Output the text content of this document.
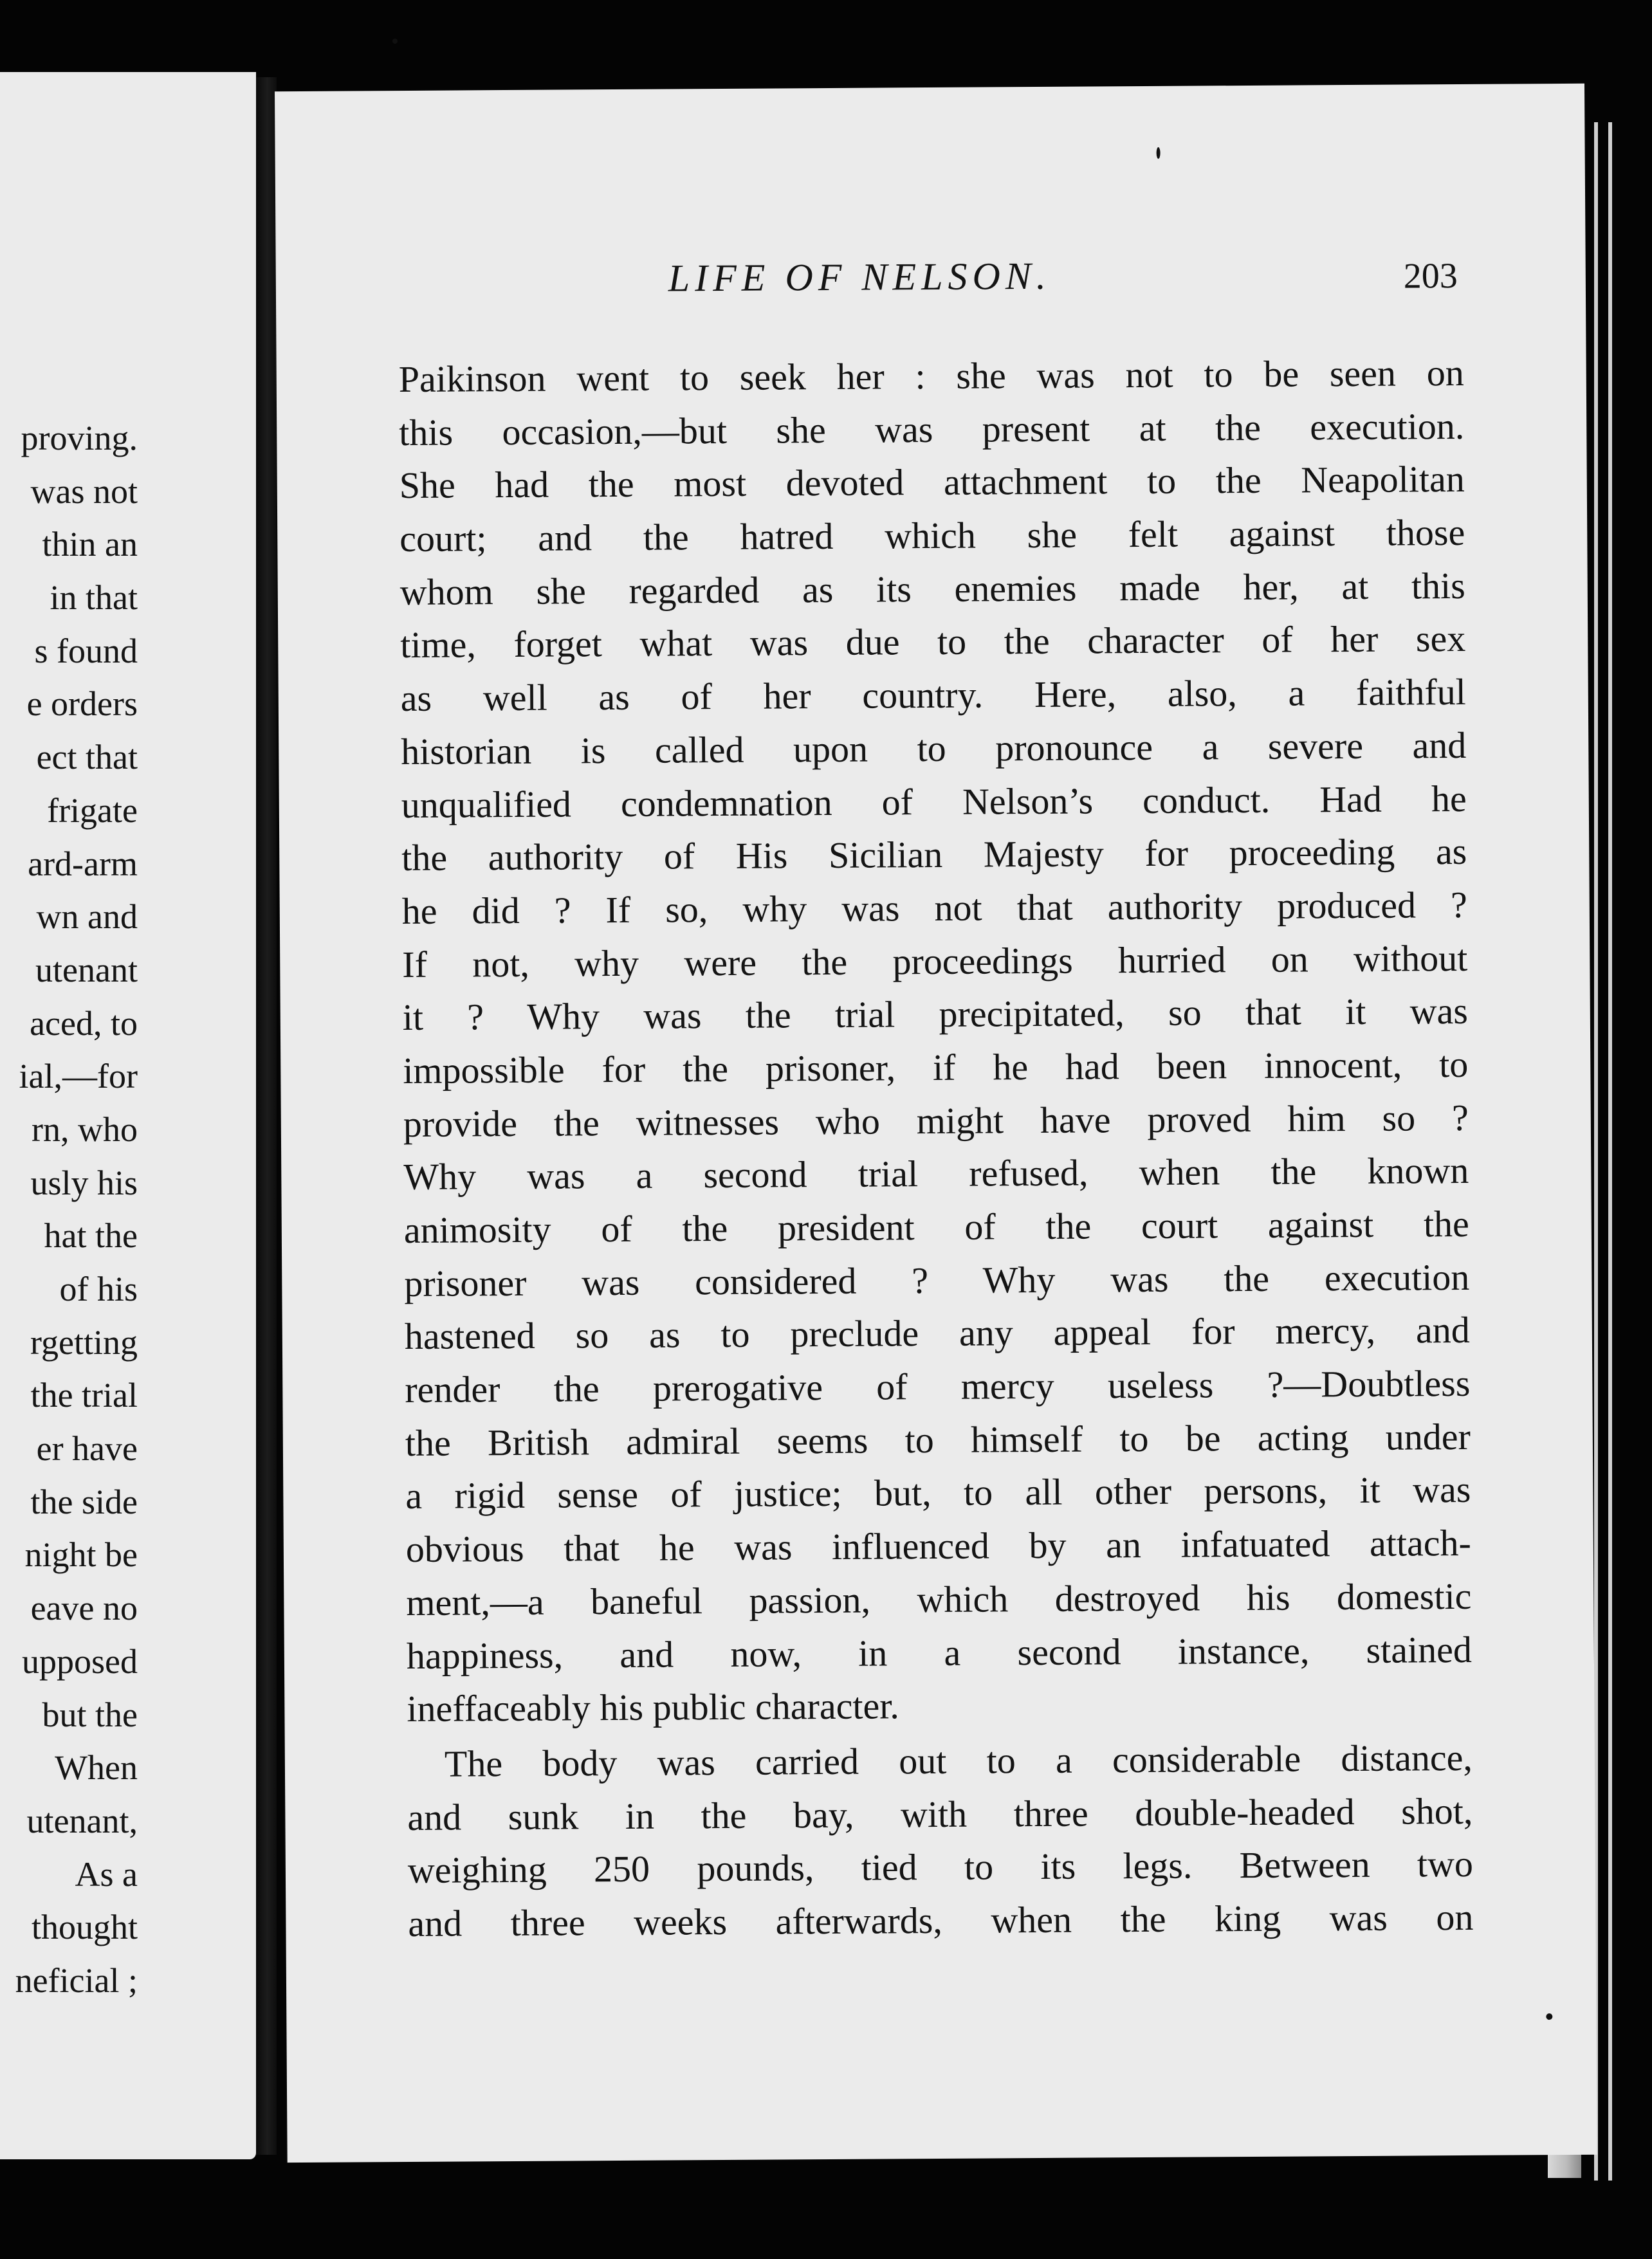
proving.
was not
thin an
in that
s found
e orders
ect that
frigate
ard-arm
wn and
utenant
aced, to
ial,—for
rn, who
usly his
hat the
of his
rgetting
the trial
er have
the side
night be
eave no
upposed
but the
When
utenant,
As a
thought
neficial ;
LIFE OF NELSON.	203
Paikinson went to seek her : she was not to be seen on
this occasion,—but she was present at the execution.
She had the most devoted attachment to the Neapolitan
court; and the hatred which she felt against those
whom she regarded as its enemies made her, at this
time, forget what was due to the character of her sex
as well as of her country. Here, also, a faithful
historian is called upon to pronounce a severe and
unqualified condemnation of Nelson’s conduct. Had he
the authority of His Sicilian Majesty for proceeding as
he did ? If so, why was not that authority produced ?
If not, why were the proceedings hurried on without
it ? Why was the trial precipitated, so that it was
impossible for the prisoner, if he had been innocent, to
provide the witnesses who might have proved him so ?
Why was a second trial refused, when the known
animosity of the president of the court against the
prisoner was considered ? Why was the execution
hastened so as to preclude any appeal for mercy, and
render the prerogative of mercy useless ?—Doubtless
the British admiral seems to himself to be acting under
a rigid sense of justice; but, to all other persons, it was
obvious that he was influenced by an infatuated attach-
ment,—a baneful passion, which destroyed his domestic
happiness, and now, in a second instance, stained
ineffaceably his public character.
The body was carried out to a considerable distance,
and sunk in the bay, with three double-headed shot,
weighing 250 pounds, tied to its legs. Between two
and three weeks afterwards, when the king was on
